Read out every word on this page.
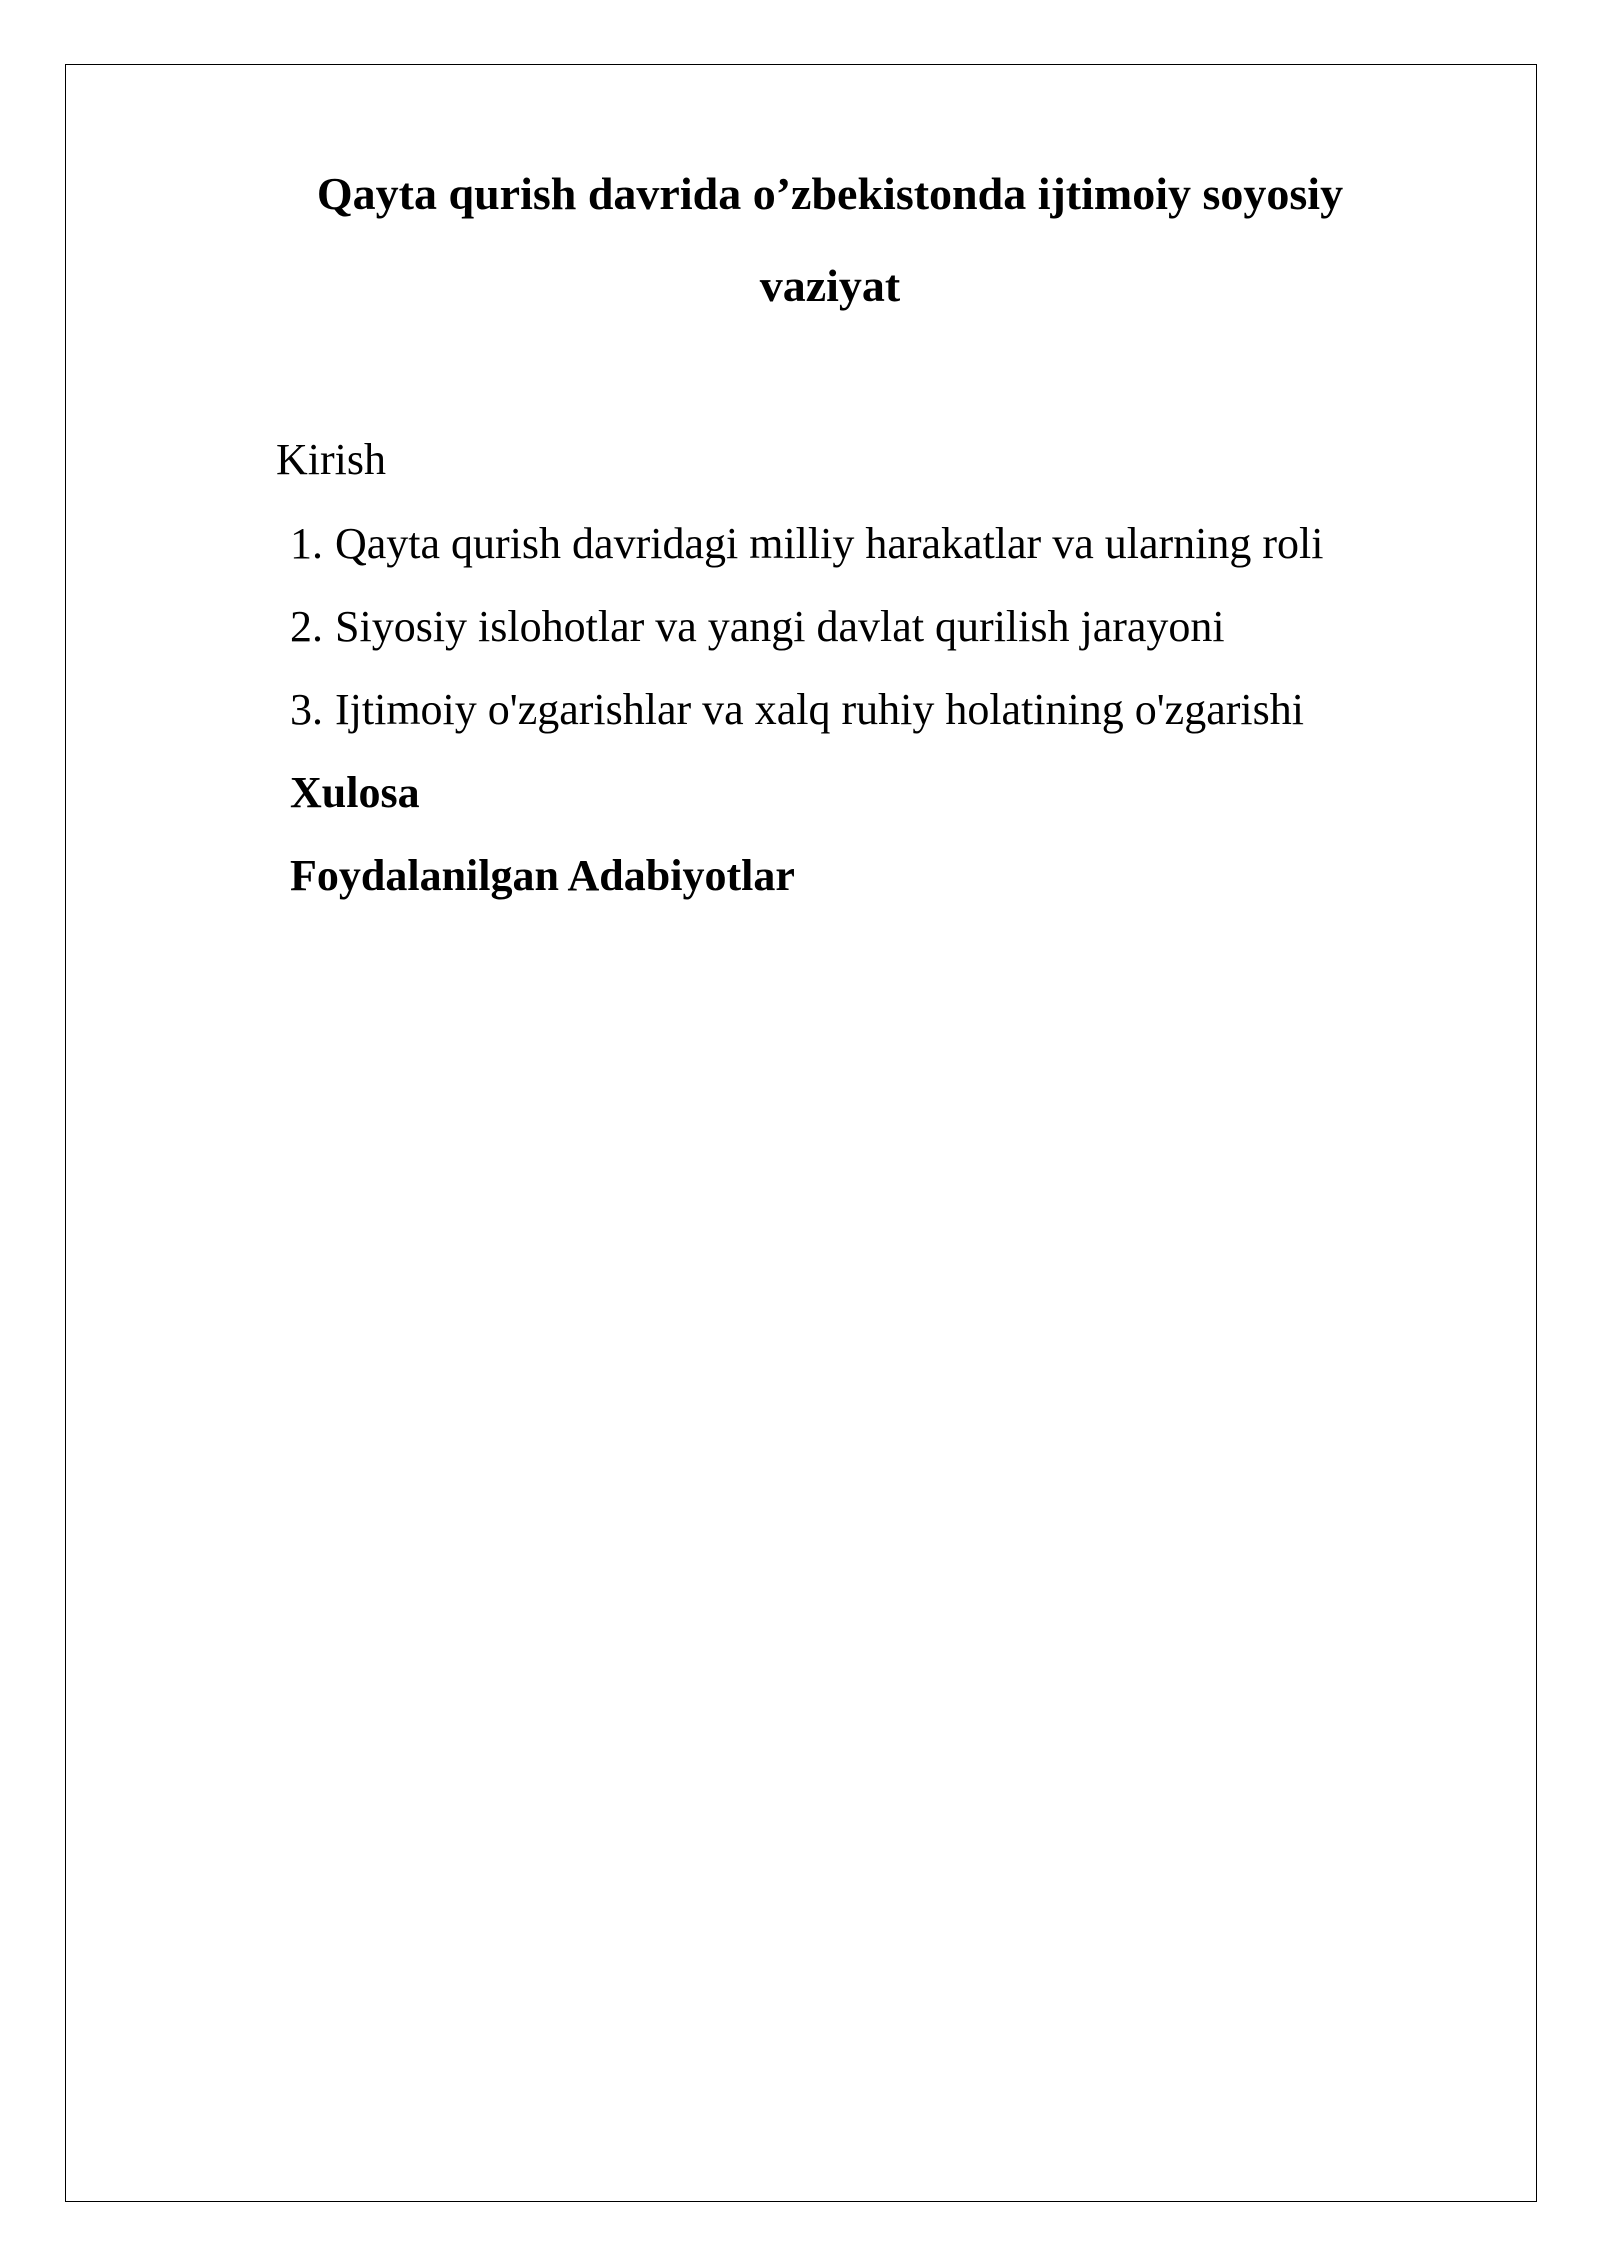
Qayta qurish davrida o’zbekistonda ijtimoiy soyosiy
vaziyat
Kirish
1. Qayta qurish davridagi milliy harakatlar va ularning roli
2. Siyosiy islohotlar va yangi davlat qurilish jarayoni
3. Ijtimoiy o'zgarishlar va xalq ruhiy holatining o'zgarishi
Xulosa
Foydalanilgan Adabiyotlar
